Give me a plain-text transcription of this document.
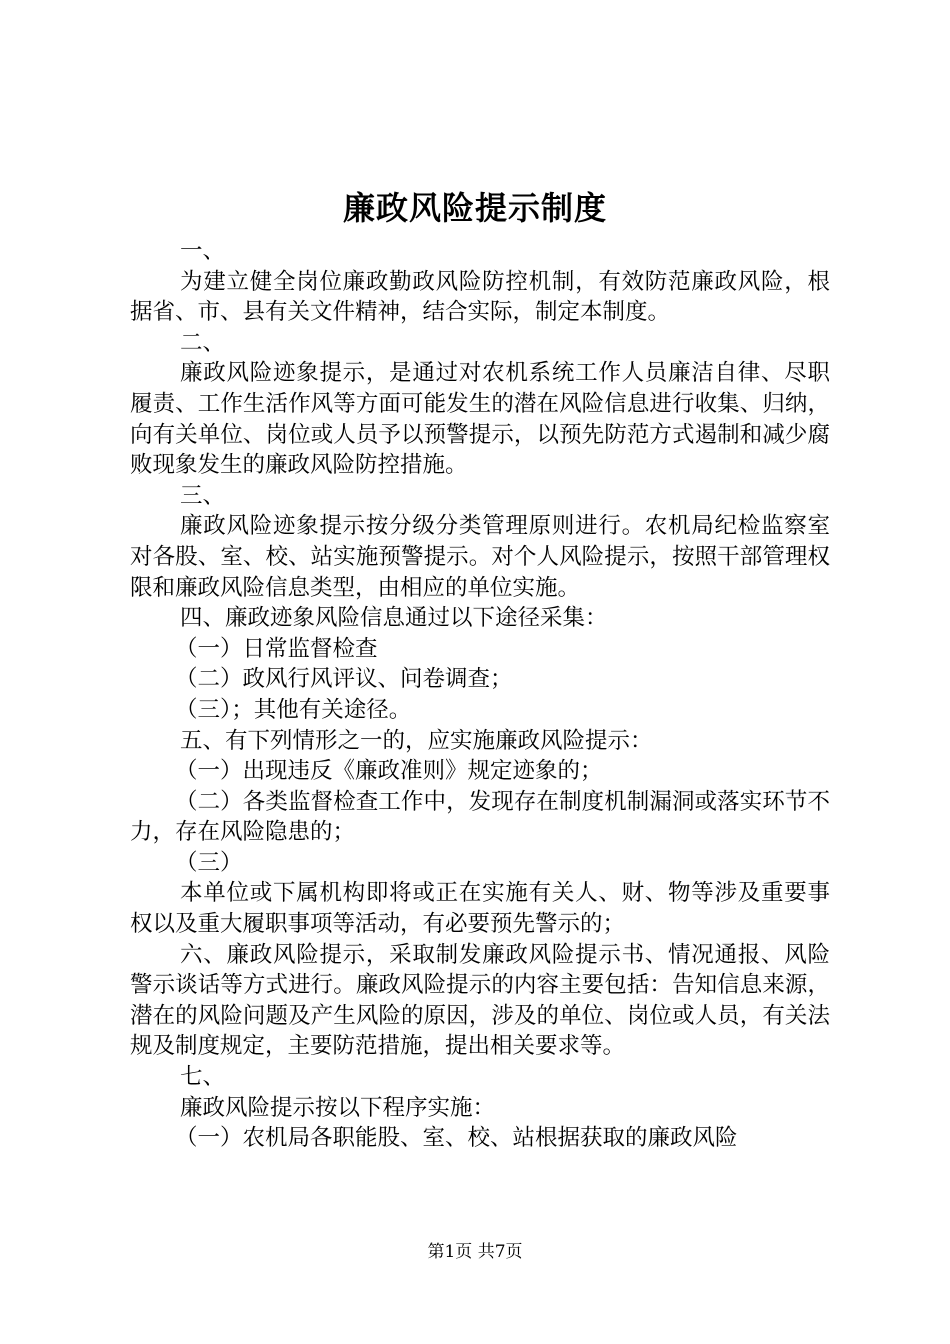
廉政风险提示制度

一、

为建立健全岗位廉政勤政风险防控机制，有效防范廉政风险，根据省、市、县有关文件精神，结合实际，制定本制度。

二、

廉政风险迹象提示，是通过对农机系统工作人员廉洁自律、尽职履责、工作生活作风等方面可能发生的潜在风险信息进行收集、归纳，向有关单位、岗位或人员予以预警提示，以预先防范方式遏制和减少腐败现象发生的廉政风险防控措施。

三、

廉政风险迹象提示按分级分类管理原则进行。农机局纪检监察室对各股、室、校、站实施预警提示。对个人风险提示，按照干部管理权限和廉政风险信息类型，由相应的单位实施。

四、廉政迹象风险信息通过以下途径采集：

（一）日常监督检查

（二）政风行风评议、问卷调查；

（三）；其他有关途径。

五、有下列情形之一的，应实施廉政风险提示：

（一）出现违反《廉政准则》规定迹象的；

（二）各类监督检查工作中，发现存在制度机制漏洞或落实环节不力，存在风险隐患的；

（三）

本单位或下属机构即将或正在实施有关人、财、物等涉及重要事权以及重大履职事项等活动，有必要预先警示的；

六、廉政风险提示，采取制发廉政风险提示书、情况通报、风险警示谈话等方式进行。廉政风险提示的内容主要包括：告知信息来源，潜在的风险问题及产生风险的原因，涉及的单位、岗位或人员，有关法规及制度规定，主要防范措施，提出相关要求等。

七、

廉政风险提示按以下程序实施：

（一）农机局各职能股、室、校、站根据获取的廉政风险

第1页 共7页
